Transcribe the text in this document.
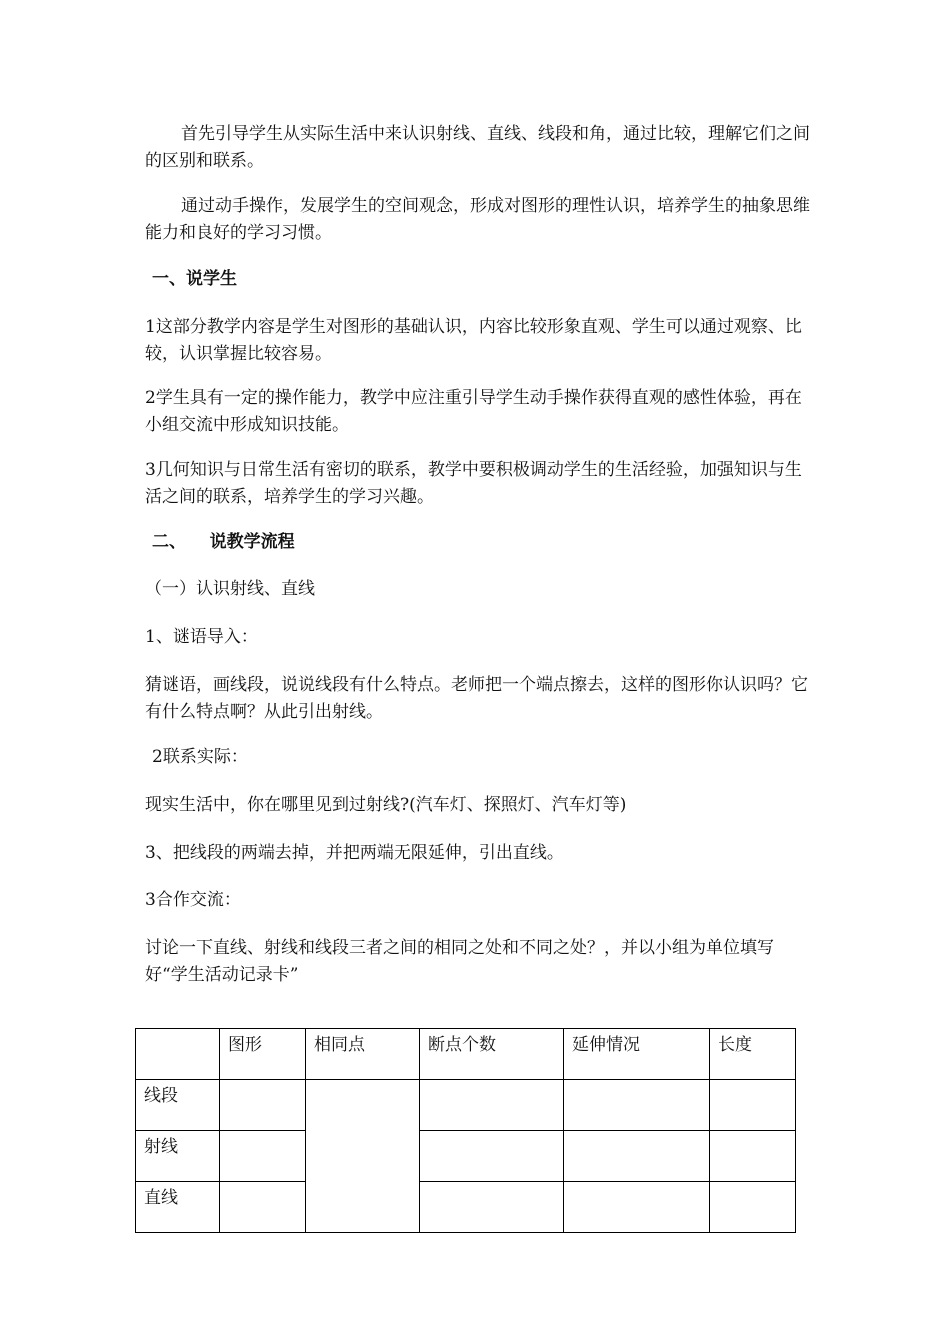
首先引导学生从实际生活中来认识射线、直线、线段和角，通过比较，理解它们之间的区别和联系。

通过动手操作，发展学生的空间观念，形成对图形的理性认识，培养学生的抽象思维能力和良好的学习习惯。

一、说学生

1这部分教学内容是学生对图形的基础认识，内容比较形象直观、学生可以通过观察、比较，认识掌握比较容易。

2学生具有一定的操作能力，教学中应注重引导学生动手操作获得直观的感性体验，再在小组交流中形成知识技能。

3几何知识与日常生活有密切的联系，教学中要积极调动学生的生活经验，加强知识与生活之间的联系，培养学生的学习兴趣。

二、    说教学流程

（一）认识射线、直线

1、谜语导入：

猜谜语，画线段，说说线段有什么特点。老师把一个端点擦去，这样的图形你认识吗？它有什么特点啊？从此引出射线。

2联系实际：

现实生活中，你在哪里见到过射线?(汽车灯、探照灯、汽车灯等)

3、把线段的两端去掉，并把两端无限延伸，引出直线。

3合作交流：

讨论一下直线、射线和线段三者之间的相同之处和不同之处？，并以小组为单位填写好“学生活动记录卡”

	图形	相同点	断点个数	延伸情况	长度
线段					
射线					
直线					
